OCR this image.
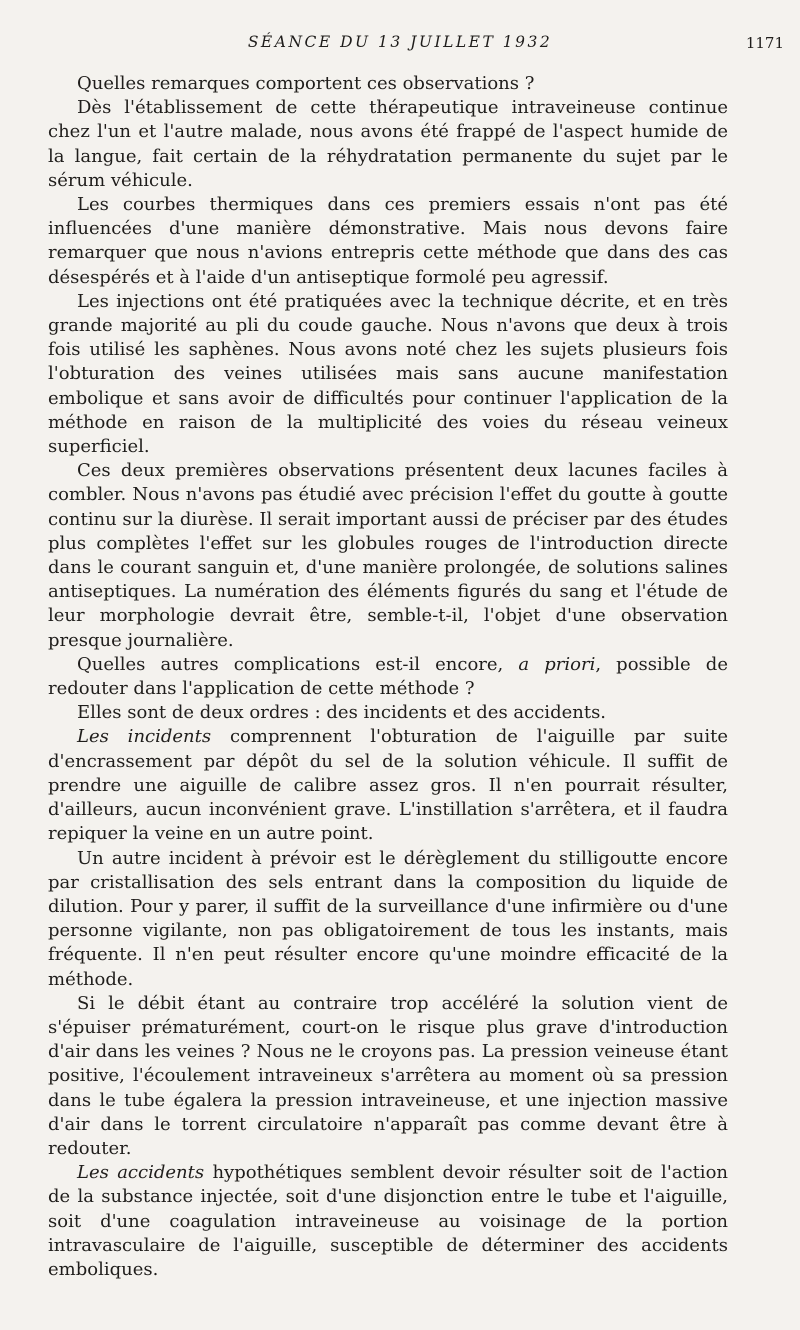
SÉANCE DU 13 JUILLET 1932	1171

Quelles remarques comportent ces observations ?

Dès l'établissement de cette thérapeutique intraveineuse continue chez l'un et l'autre malade, nous avons été frappé de l'aspect humide de la langue, fait certain de la réhydratation permanente du sujet par le sérum véhicule.

Les courbes thermiques dans ces premiers essais n'ont pas été influencées d'une manière démonstrative. Mais nous devons faire remarquer que nous n'avions entrepris cette méthode que dans des cas désespérés et à l'aide d'un antiseptique formolé peu agressif.

Les injections ont été pratiquées avec la technique décrite, et en très grande majorité au pli du coude gauche. Nous n'avons que deux à trois fois utilisé les saphènes. Nous avons noté chez les sujets plusieurs fois l'obturation des veines utilisées mais sans aucune manifestation embolique et sans avoir de difficultés pour continuer l'application de la méthode en raison de la multiplicité des voies du réseau veineux superficiel.

Ces deux premières observations présentent deux lacunes faciles à combler. Nous n'avons pas étudié avec précision l'effet du goutte à goutte continu sur la diurèse. Il serait important aussi de préciser par des études plus complètes l'effet sur les globules rouges de l'introduction directe dans le courant sanguin et, d'une manière prolongée, de solutions salines antiseptiques. La numération des éléments figurés du sang et l'étude de leur morphologie devrait être, semble-t-il, l'objet d'une observation presque journalière.

Quelles autres complications est-il encore, a priori, possible de redouter dans l'application de cette méthode ?

Elles sont de deux ordres : des incidents et des accidents.

Les incidents comprennent l'obturation de l'aiguille par suite d'encrassement par dépôt du sel de la solution véhicule. Il suffit de prendre une aiguille de calibre assez gros. Il n'en pourrait résulter, d'ailleurs, aucun inconvénient grave. L'instillation s'arrêtera, et il faudra repiquer la veine en un autre point.

Un autre incident à prévoir est le dérèglement du stilligoutte encore par cristallisation des sels entrant dans la composition du liquide de dilution. Pour y parer, il suffit de la surveillance d'une infirmière ou d'une personne vigilante, non pas obligatoirement de tous les instants, mais fréquente. Il n'en peut résulter encore qu'une moindre efficacité de la méthode.

Si le débit étant au contraire trop accéléré la solution vient de s'épuiser prématurément, court-on le risque plus grave d'introduction d'air dans les veines ? Nous ne le croyons pas. La pression veineuse étant positive, l'écoulement intraveineux s'arrêtera au moment où sa pression dans le tube égalera la pression intraveineuse, et une injection massive d'air dans le torrent circulatoire n'apparaît pas comme devant être à redouter.

Les accidents hypothétiques semblent devoir résulter soit de l'action de la substance injectée, soit d'une disjonction entre le tube et l'aiguille, soit d'une coagulation intraveineuse au voisinage de la portion intravasculaire de l'aiguille, susceptible de déterminer des accidents emboliques.
